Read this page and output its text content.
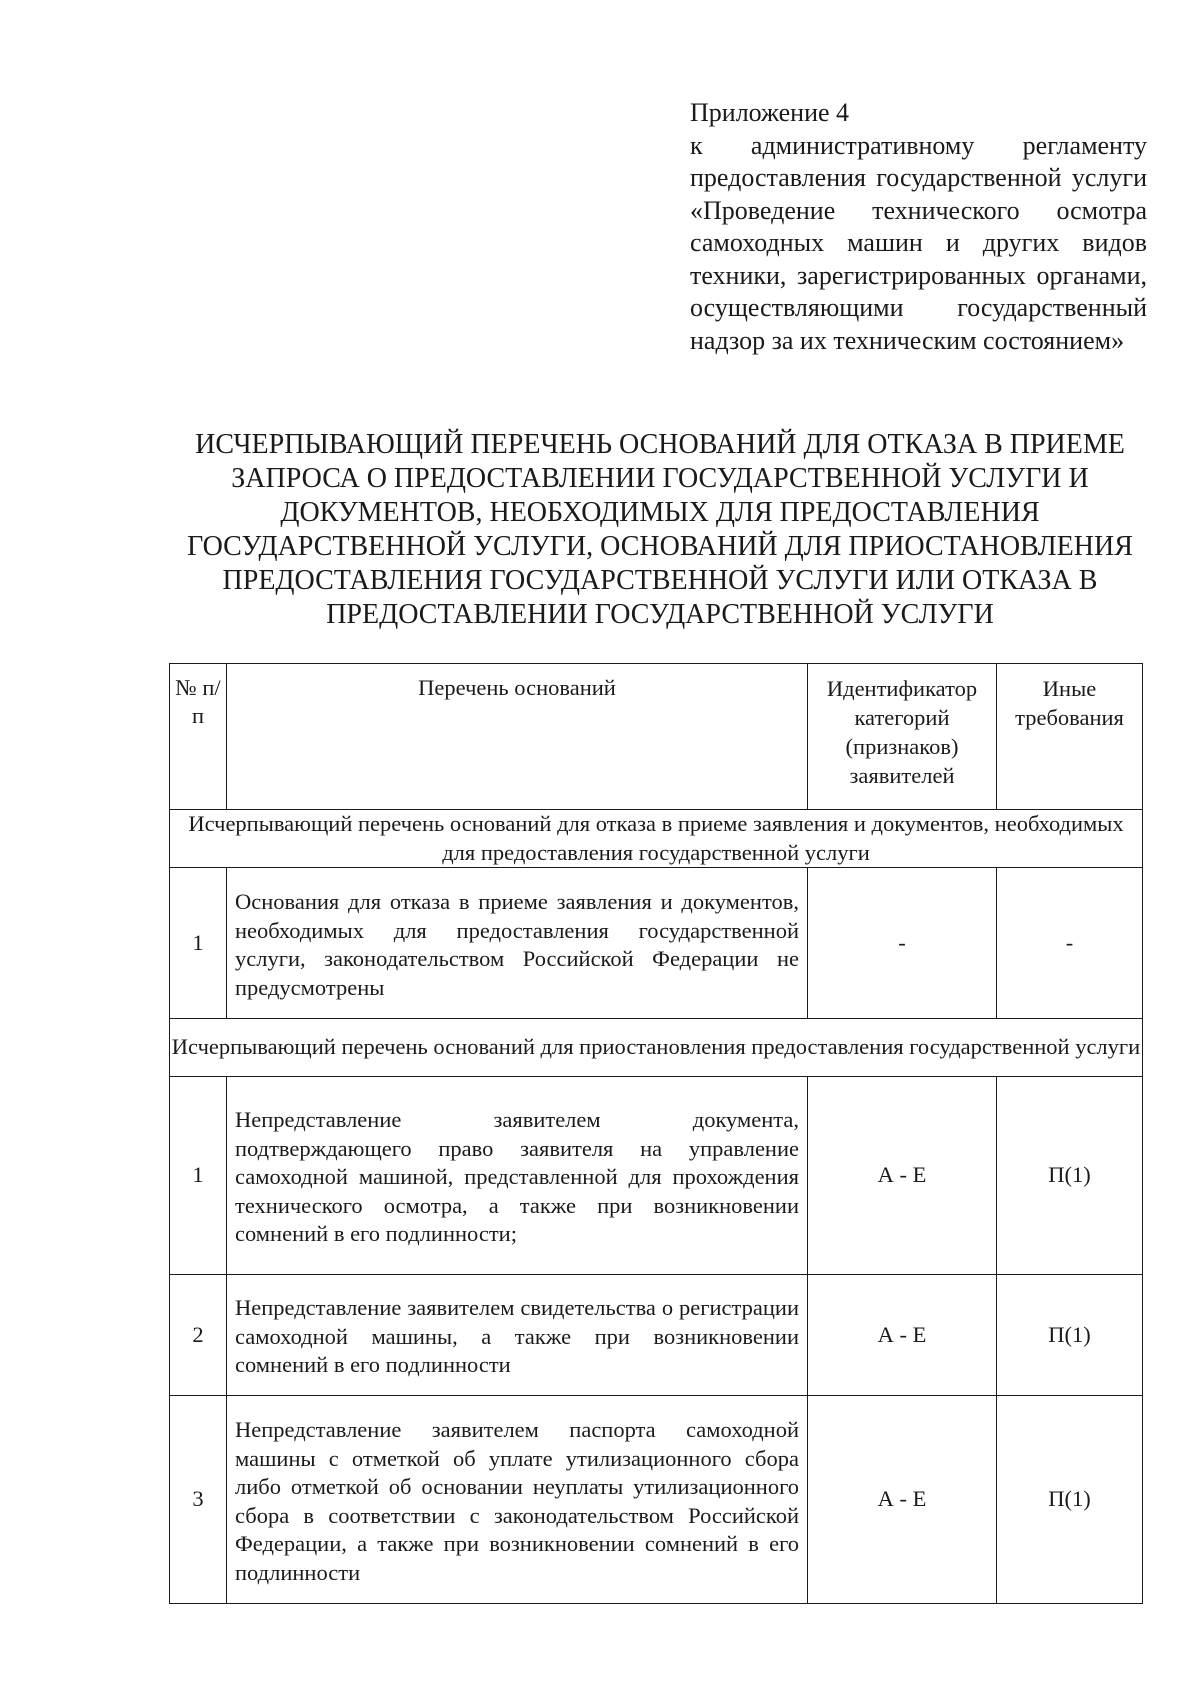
Приложение 4
к административному регламенту предоставления государственной услуги «Проведение технического осмотра самоходных машин и других видов техники, зарегистрированных органами, осуществляющими государственный надзор за их техническим состоянием»
ИСЧЕРПЫВАЮЩИЙ ПЕРЕЧЕНЬ ОСНОВАНИЙ ДЛЯ ОТКАЗА В ПРИЕМЕ ЗАПРОСА О ПРЕДОСТАВЛЕНИИ ГОСУДАРСТВЕННОЙ УСЛУГИ И ДОКУМЕНТОВ, НЕОБХОДИМЫХ ДЛЯ ПРЕДОСТАВЛЕНИЯ ГОСУДАРСТВЕННОЙ УСЛУГИ, ОСНОВАНИЙ ДЛЯ ПРИОСТАНОВЛЕНИЯ ПРЕДОСТАВЛЕНИЯ ГОСУДАРСТВЕННОЙ УСЛУГИ ИЛИ ОТКАЗА В ПРЕДОСТАВЛЕНИИ ГОСУДАРСТВЕННОЙ УСЛУГИ
№ п/п	Перечень оснований	Идентификатор категорий (признаков) заявителей	Иные требования
Исчерпывающий перечень оснований для отказа в приеме заявления и документов, необходимых для предоставления государственной услуги			
1	Основания для отказа в приеме заявления и документов, необходимых для предоставления государственной услуги, законодательством Российской Федерации не предусмотрены	-	-
Исчерпывающий перечень оснований для приостановления предоставления государственной услуги			
1	Непредставление заявителем документа, подтверждающего право заявителя на управление самоходной машиной, представленной для прохождения технического осмотра, а также при возникновении сомнений в его подлинности;	А - Е	П(1)
2	Непредставление заявителем свидетельства о регистрации самоходной машины, а также при возникновении сомнений в его подлинности	А - Е	П(1)
3	Непредставление заявителем паспорта самоходной машины с отметкой об уплате утилизационного сбора либо отметкой об основании неуплаты утилизационного сбора в соответствии с законодательством Российской Федерации, а также при возникновении сомнений в его подлинности	А - Е	П(1)
